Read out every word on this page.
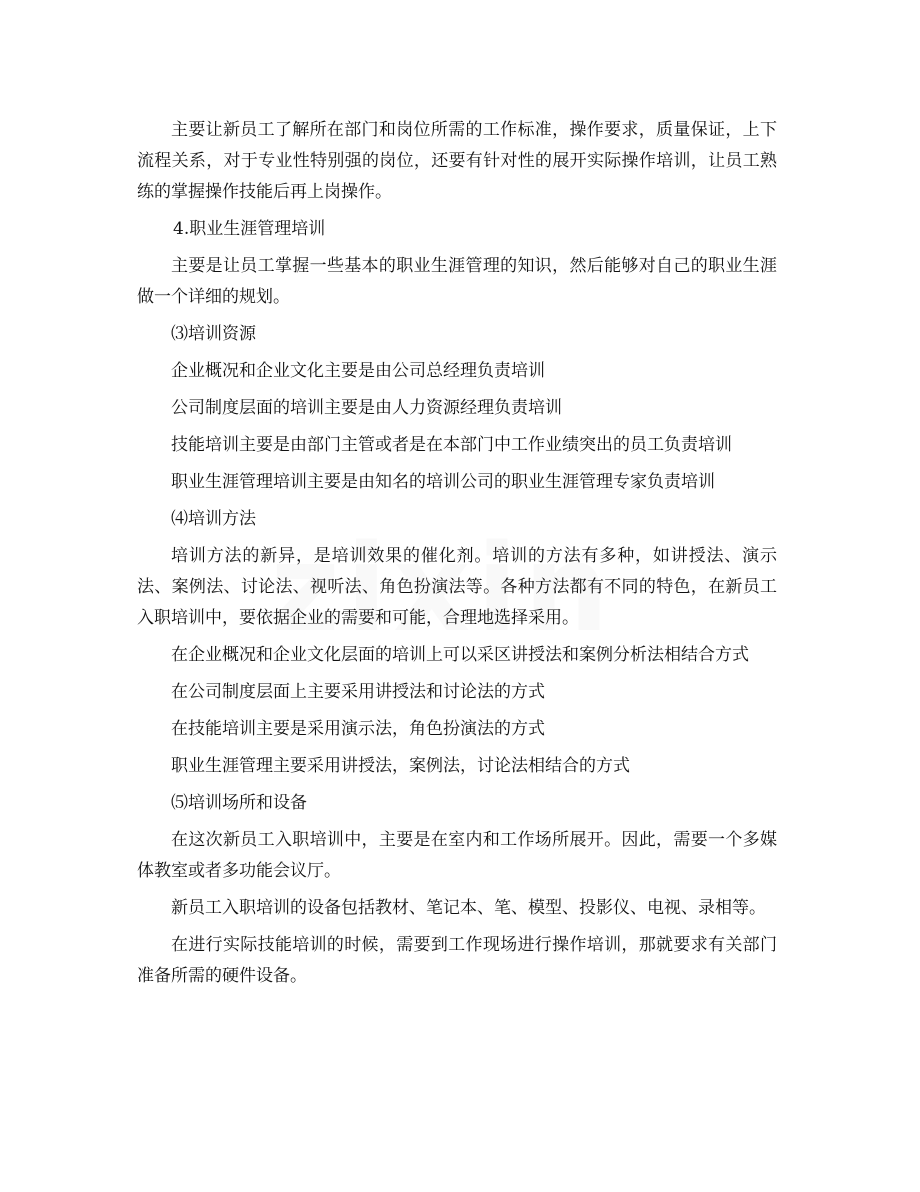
主要让新员工了解所在部门和岗位所需的工作标准，操作要求，质量保证，上下流程关系，对于专业性特别强的岗位，还要有针对性的展开实际操作培训，让员工熟练的掌握操作技能后再上岗操作。

4.职业生涯管理培训

主要是让员工掌握一些基本的职业生涯管理的知识，然后能够对自己的职业生涯做一个详细的规划。

⑶培训资源

企业概况和企业文化主要是由公司总经理负责培训

公司制度层面的培训主要是由人力资源经理负责培训

技能培训主要是由部门主管或者是在本部门中工作业绩突出的员工负责培训

职业生涯管理培训主要是由知名的培训公司的职业生涯管理专家负责培训

⑷培训方法

培训方法的新异，是培训效果的催化剂。培训的方法有多种，如讲授法、演示法、案例法、讨论法、视听法、角色扮演法等。各种方法都有不同的特色，在新员工入职培训中，要依据企业的需要和可能，合理地选择采用。

在企业概况和企业文化层面的培训上可以采区讲授法和案例分析法相结合方式

在公司制度层面上主要采用讲授法和讨论法的方式

在技能培训主要是采用演示法，角色扮演法的方式

职业生涯管理主要采用讲授法，案例法，讨论法相结合的方式

⑸培训场所和设备

在这次新员工入职培训中，主要是在室内和工作场所展开。因此，需要一个多媒体教室或者多功能会议厅。

新员工入职培训的设备包括教材、笔记本、笔、模型、投影仪、电视、录相等。

在进行实际技能培训的时候，需要到工作现场进行操作培训，那就要求有关部门准备所需的硬件设备。
